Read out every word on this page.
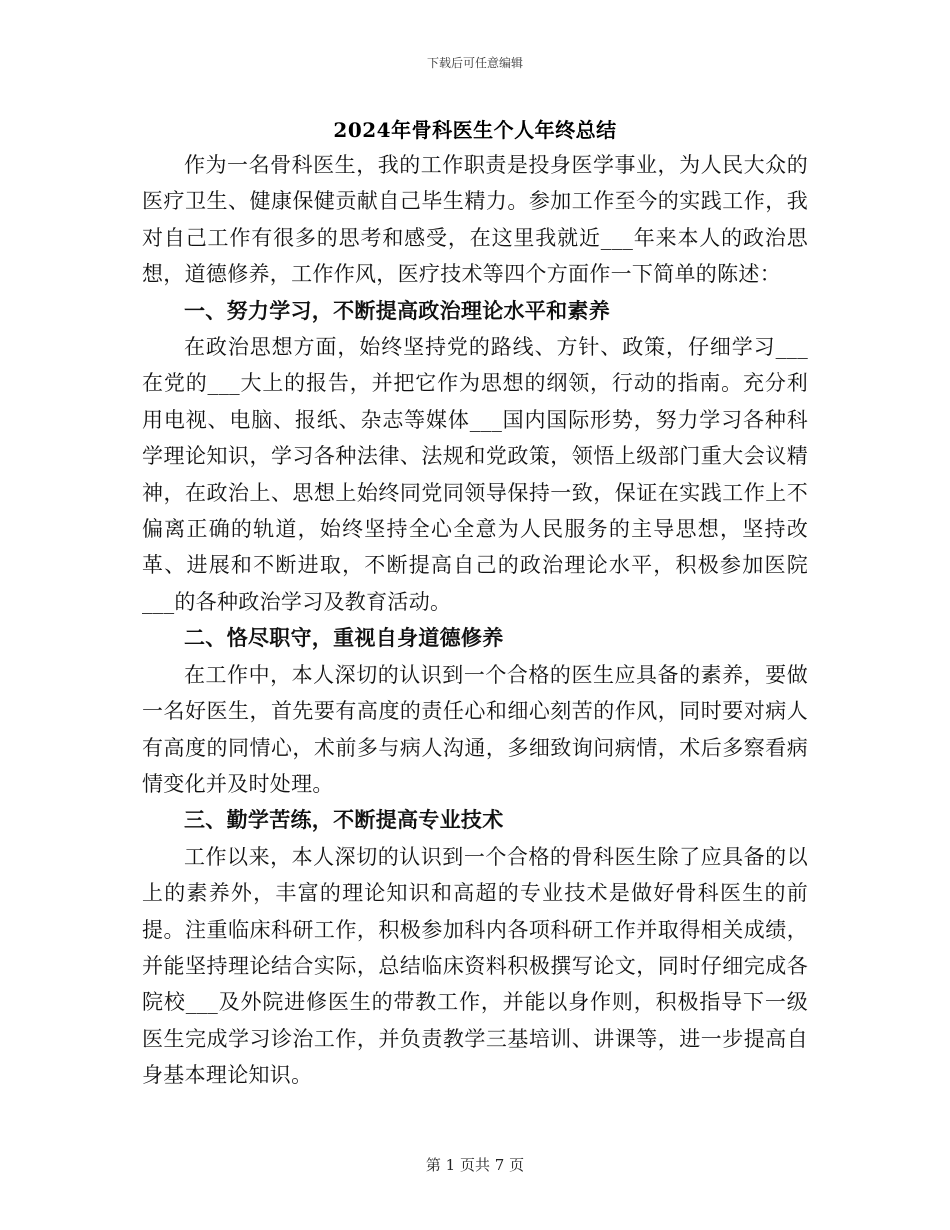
下载后可任意编辑
2024年骨科医生个人年终总结

作为一名骨科医生，我的工作职责是投身医学事业，为人民大众的医疗卫生、健康保健贡献自己毕生精力。参加工作至今的实践工作，我对自己工作有很多的思考和感受，在这里我就近___年来本人的政治思想，道德修养，工作作风，医疗技术等四个方面作一下简单的陈述：

一、努力学习，不断提高政治理论水平和素养

在政治思想方面，始终坚持党的路线、方针、政策，仔细学习___在党的___大上的报告，并把它作为思想的纲领，行动的指南。充分利用电视、电脑、报纸、杂志等媒体___国内国际形势，努力学习各种科学理论知识，学习各种法律、法规和党政策，领悟上级部门重大会议精神，在政治上、思想上始终同党同领导保持一致，保证在实践工作上不偏离正确的轨道，始终坚持全心全意为人民服务的主导思想，坚持改革、进展和不断进取，不断提高自己的政治理论水平，积极参加医院___的各种政治学习及教育活动。

二、恪尽职守，重视自身道德修养

在工作中，本人深切的认识到一个合格的医生应具备的素养，要做一名好医生，首先要有高度的责任心和细心刻苦的作风，同时要对病人有高度的同情心，术前多与病人沟通，多细致询问病情，术后多察看病情变化并及时处理。

三、勤学苦练，不断提高专业技术

工作以来，本人深切的认识到一个合格的骨科医生除了应具备的以上的素养外，丰富的理论知识和高超的专业技术是做好骨科医生的前提。注重临床科研工作，积极参加科内各项科研工作并取得相关成绩，并能坚持理论结合实际，总结临床资料积极撰写论文，同时仔细完成各院校___及外院进修医生的带教工作，并能以身作则，积极指导下一级医生完成学习诊治工作，并负责教学三基培训、讲课等，进一步提高自身基本理论知识。

第 1 页共 7 页
